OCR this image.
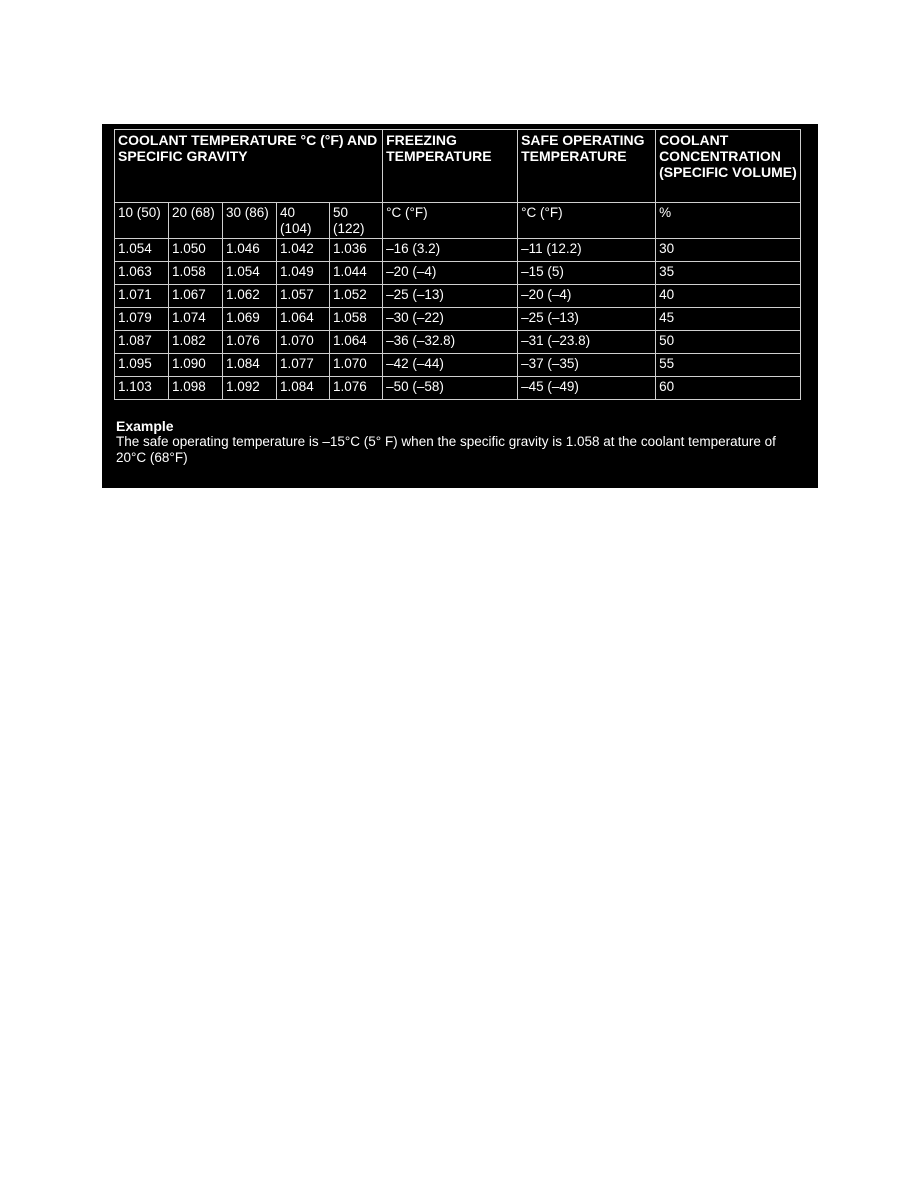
COOLANT TEMPERATURE °C (°F) AND SPECIFIC GRAVITY					FREEZING TEMPERATURE	SAFE OPERATING TEMPERATURE	COOLANT CONCENTRATION (SPECIFIC VOLUME)
10 (50)	20 (68)	30 (86)	40 (104)	50 (122)	°C (°F)	°C (°F)	%
1.054	1.050	1.046	1.042	1.036	–16 (3.2)	–11 (12.2)	30
1.063	1.058	1.054	1.049	1.044	–20 (–4)	–15 (5)	35
1.071	1.067	1.062	1.057	1.052	–25 (–13)	–20 (–4)	40
1.079	1.074	1.069	1.064	1.058	–30 (–22)	–25 (–13)	45
1.087	1.082	1.076	1.070	1.064	–36 (–32.8)	–31 (–23.8)	50
1.095	1.090	1.084	1.077	1.070	–42 (–44)	–37 (–35)	55
1.103	1.098	1.092	1.084	1.076	–50 (–58)	–45 (–49)	60
Example
The safe operating temperature is –15°C (5° F) when the specific gravity is 1.058 at the coolant temperature of 20°C (68°F)
